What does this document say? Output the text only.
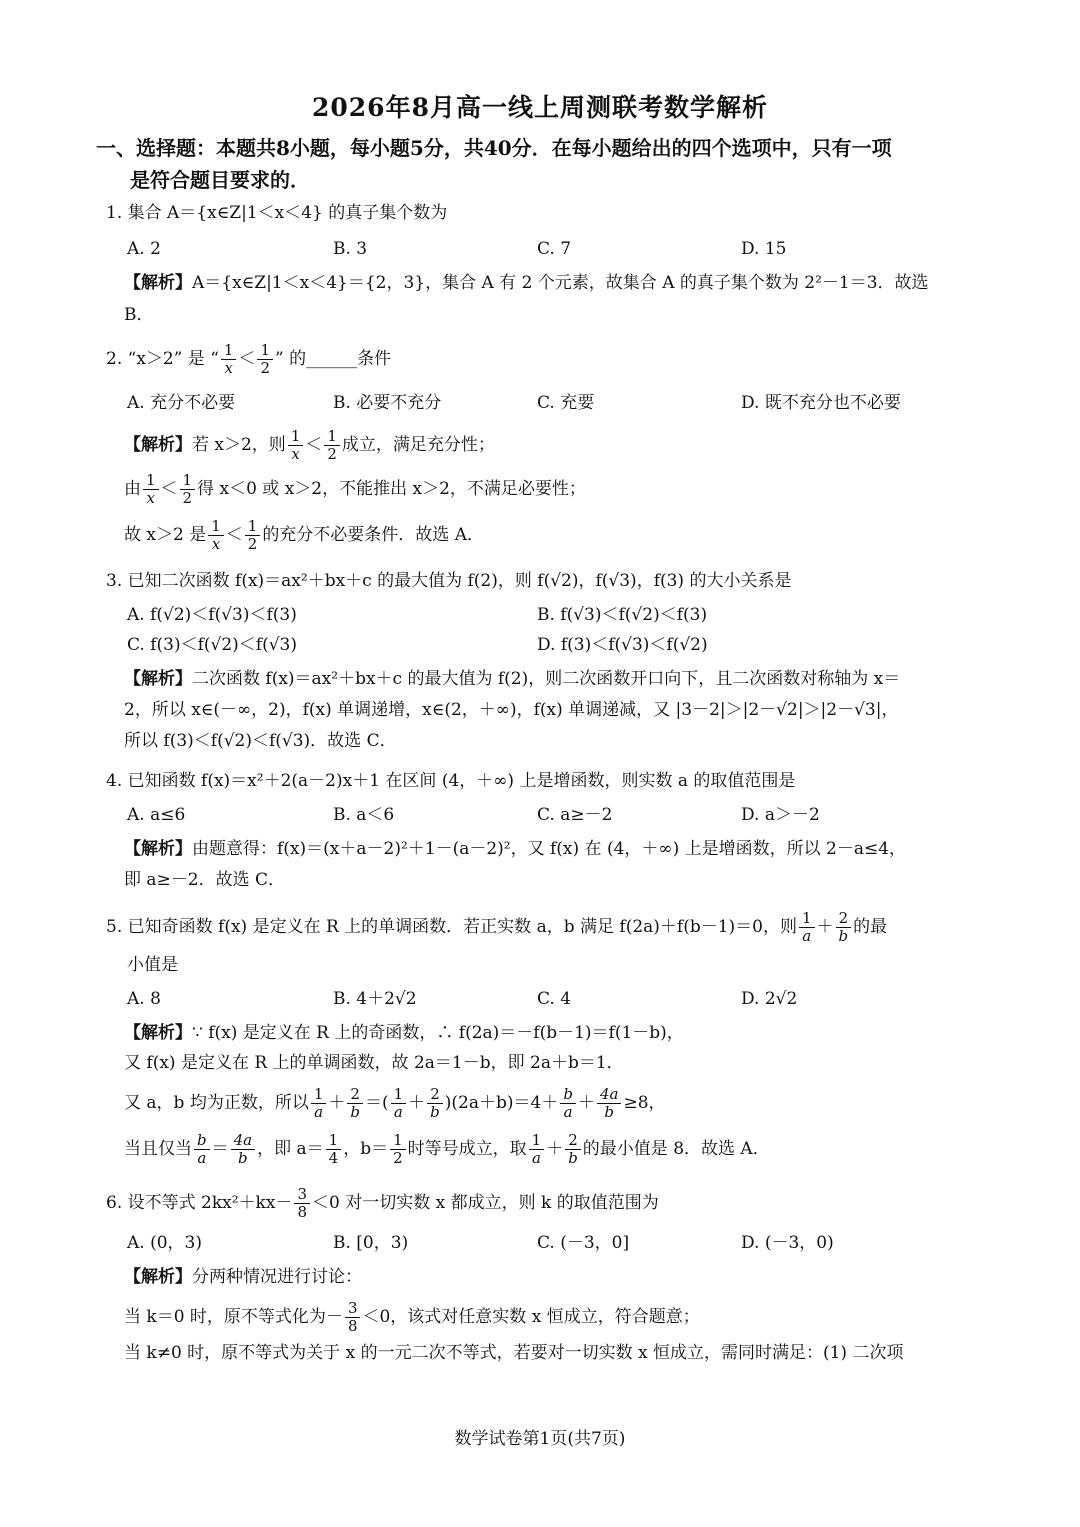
2026年8月高一线上周测联考数学解析
一、选择题：本题共8小题，每小题5分，共40分．在每小题给出的四个选项中，只有一项
是符合题目要求的．
1. 集合 A＝{x∈Z|1＜x＜4} 的真子集个数为
A. 2	B. 3	C. 7	D. 15
【解析】A＝{x∈Z|1＜x＜4}＝{2，3}，集合 A 有 2 个元素，故集合 A 的真子集个数为 2²－1＝3．故选
B．
2. “x＞2” 是 “ $\frac{1}{x} < \frac{1}{2}$ ” 的______条件
A. 充分不必要	B. 必要不充分	C. 充要	D. 既不充分也不必要
【解析】若 x＞2，则 $\frac{1}{x} < \frac{1}{2}$ 成立，满足充分性；
由 $\frac{1}{x} < \frac{1}{2}$ 得 x＜0 或 x＞2，不能推出 x＞2，不满足必要性；
故 x＞2 是 $\frac{1}{x} < \frac{1}{2}$ 的充分不必要条件．故选 A．
3. 已知二次函数 f(x)＝ax²＋bx＋c 的最大值为 f(2)，则 f(√2)，f(√3)，f(3) 的大小关系是
A. f(√2)＜f(√3)＜f(3)	B. f(√3)＜f(√2)＜f(3)
C. f(3)＜f(√2)＜f(√3)	D. f(3)＜f(√3)＜f(√2)
【解析】二次函数 f(x)＝ax²＋bx＋c 的最大值为 f(2)，则二次函数开口向下，且二次函数对称轴为 x＝
2，所以 x∈(－∞，2)，f(x) 单调递增，x∈(2，＋∞)，f(x) 单调递减，又 |3－2|＞|2－√2|＞|2－√3|，
所以 f(3)＜f(√2)＜f(√3)．故选 C．
4. 已知函数 f(x)＝x²＋2(a－2)x＋1 在区间 (4，＋∞) 上是增函数，则实数 a 的取值范围是
A. a≤6	B. a＜6	C. a≥－2	D. a＞－2
【解析】由题意得：f(x)＝(x＋a－2)²＋1－(a－2)²，又 f(x) 在 (4，＋∞) 上是增函数，所以 2－a≤4，
即 a≥－2．故选 C．
5. 已知奇函数 f(x) 是定义在 R 上的单调函数．若正实数 a，b 满足 f(2a)＋f(b－1)＝0，则 $\frac{1}{a} + \frac{2}{b}$ 的最
小值是
A. 8	B. 4＋2√2	C. 4	D. 2√2
【解析】∵ f(x) 是定义在 R 上的奇函数，∴ f(2a)＝－f(b－1)＝f(1－b)，
又 f(x) 是定义在 R 上的单调函数，故 2a＝1－b，即 2a＋b＝1．
又 a，b 均为正数，所以 $\frac{1}{a} + \frac{2}{b}$ ＝( $\frac{1}{a} + \frac{2}{b} )(2a+b)=4+ \frac{b}{a} + \frac{4a}{b} \ge 8$，
当且仅当 $\frac{b}{a} = \frac{4a}{b}$ ，即 $a= \frac{1}{4}$ ，$b= \frac{1}{2}$ 时等号成立，取 $\frac{1}{a} + \frac{2}{b}$ 的最小值是 8．故选 A．
6. 设不等式 $2kx^2+kx- \frac{3}{8} <0$ 对一切实数 x 都成立，则 k 的取值范围为
A. (0，3)	B. [0，3)	C. (－3，0]	D. (－3，0)
【解析】分两种情况进行讨论：
当 k＝0 时，原不等式化为－ $\frac{3}{8} <0$，该式对任意实数 x 恒成立，符合题意；
当 k≠0 时，原不等式为关于 x 的一元二次不等式，若要对一切实数 x 恒成立，需同时满足：(1) 二次项
数学试卷第1页(共7页)
